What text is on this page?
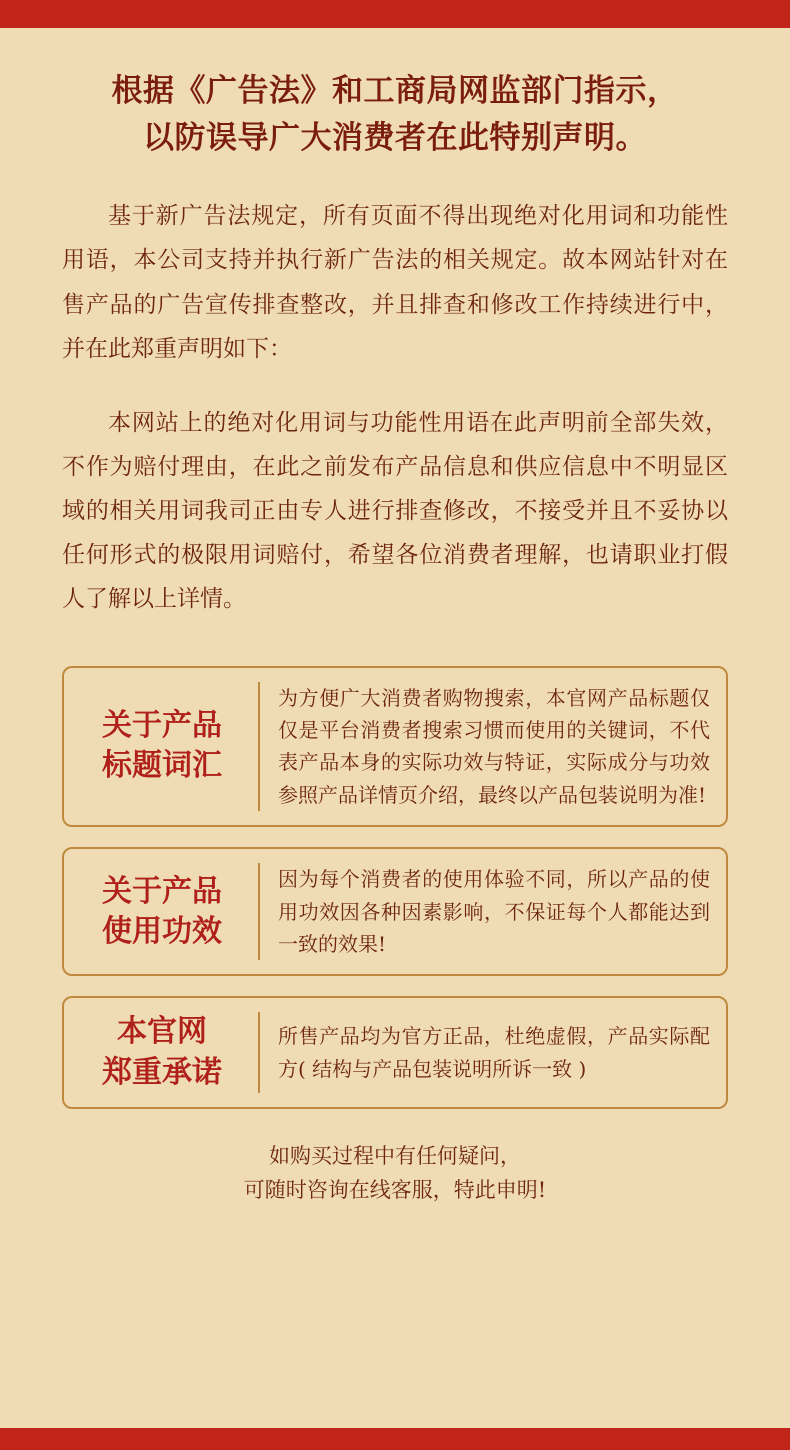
根据《广告法》和工商局网监部门指示，
以防误导广大消费者在此特别声明。

基于新广告法规定，所有页面不得出现绝对化用词和功能性用语，本公司支持并执行新广告法的相关规定。故本网站针对在售产品的广告宣传排查整改，并且排查和修改工作持续进行中，并在此郑重声明如下：

本网站上的绝对化用词与功能性用语在此声明前全部失效，不作为赔付理由，在此之前发布产品信息和供应信息中不明显区域的相关用词我司正由专人进行排查修改，不接受并且不妥协以任何形式的极限用词赔付，希望各位消费者理解，也请职业打假人了解以上详情。

关于产品
标题词汇
为方便广大消费者购物搜索，本官网产品标题仅仅是平台消费者搜索习惯而使用的关键词，不代表产品本身的实际功效与特证，实际成分与功效参照产品详情页介绍，最终以产品包装说明为准!
关于产品
使用功效
因为每个消费者的使用体验不同，所以产品的使用功效因各种因素影响，不保证每个人都能达到一致的效果!
本官网
郑重承诺
所售产品均为官方正品，杜绝虚假，产品实际配方( 结构与产品包装说明所诉一致 )
如购买过程中有任何疑问，
可随时咨询在线客服，特此申明!
